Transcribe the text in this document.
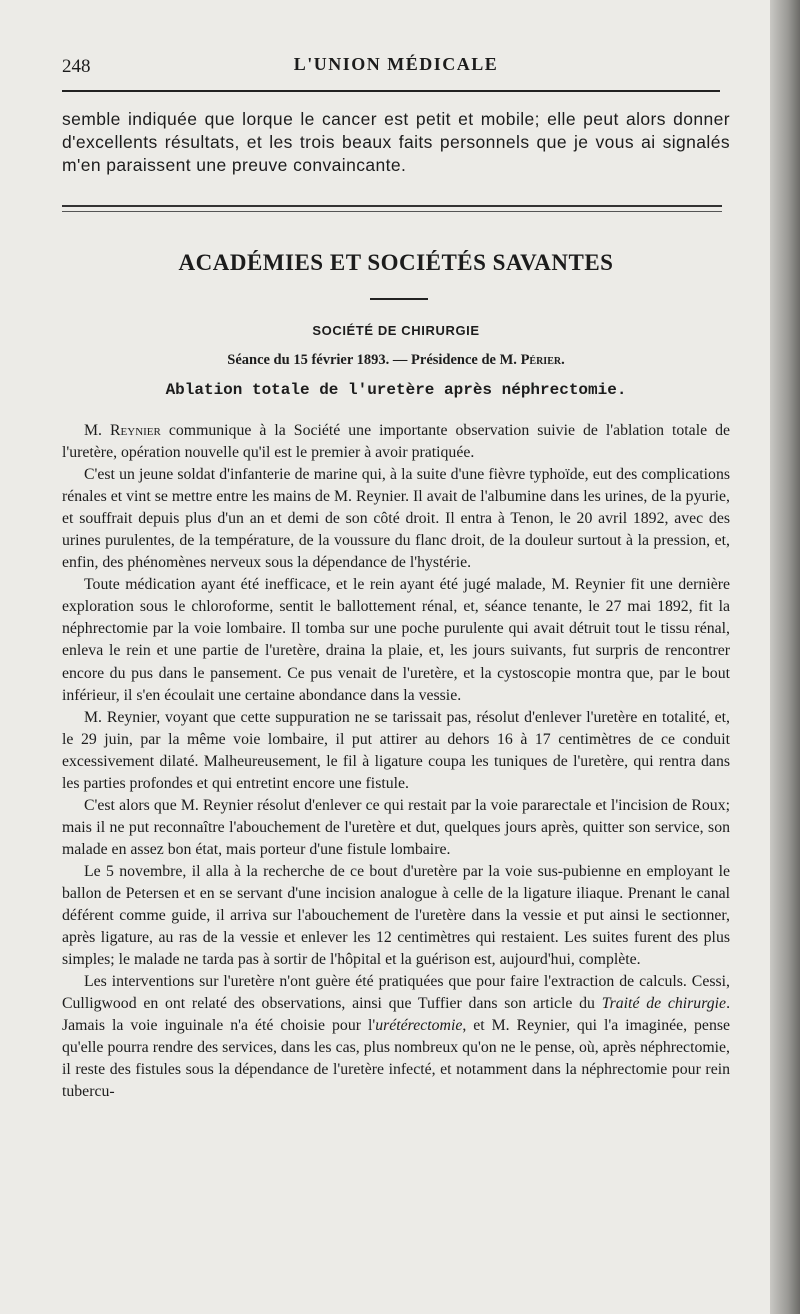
248	L'UNION MÉDICALE
semble indiquée que lorque le cancer est petit et mobile; elle peut alors donner d'excellents résultats, et les trois beaux faits personnels que je vous ai signalés m'en paraissent une preuve convaincante.
ACADÉMIES ET SOCIÉTÉS SAVANTES
SOCIÉTÉ DE CHIRURGIE
Séance du 15 février 1893. — Présidence de M. Périer.
Ablation totale de l'uretère après néphrectomie.

M. Reynier communique à la Société une importante observation suivie de l'ablation totale de l'uretère, opération nouvelle qu'il est le premier à avoir pratiquée.

C'est un jeune soldat d'infanterie de marine qui, à la suite d'une fièvre typhoïde, eut des complications rénales et vint se mettre entre les mains de M. Reynier. Il avait de l'albumine dans les urines, de la pyurie, et souffrait depuis plus d'un an et demi de son côté droit. Il entra à Tenon, le 20 avril 1892, avec des urines purulentes, de la température, de la voussure du flanc droit, de la douleur surtout à la pression, et, enfin, des phénomènes nerveux sous la dépendance de l'hystérie.

Toute médication ayant été inefficace, et le rein ayant été jugé malade, M. Reynier fit une dernière exploration sous le chloroforme, sentit le ballottement rénal, et, séance tenante, le 27 mai 1892, fit la néphrectomie par la voie lombaire. Il tomba sur une poche purulente qui avait détruit tout le tissu rénal, enleva le rein et une partie de l'uretère, draina la plaie, et, les jours suivants, fut surpris de rencontrer encore du pus dans le pansement. Ce pus venait de l'uretère, et la cystoscopie montra que, par le bout inférieur, il s'en écoulait une certaine abondance dans la vessie.

M. Reynier, voyant que cette suppuration ne se tarissait pas, résolut d'enlever l'uretère en totalité, et, le 29 juin, par la même voie lombaire, il put attirer au dehors 16 à 17 centimètres de ce conduit excessivement dilaté. Malheureusement, le fil à ligature coupa les tuniques de l'uretère, qui rentra dans les parties profondes et qui entretint encore une fistule.

C'est alors que M. Reynier résolut d'enlever ce qui restait par la voie pararectale et l'incision de Roux; mais il ne put reconnaître l'abouchement de l'uretère et dut, quelques jours après, quitter son service, son malade en assez bon état, mais porteur d'une fistule lombaire.

Le 5 novembre, il alla à la recherche de ce bout d'uretère par la voie sus-pubienne en employant le ballon de Petersen et en se servant d'une incision analogue à celle de la ligature iliaque. Prenant le canal déférent comme guide, il arriva sur l'abouchement de l'uretère dans la vessie et put ainsi le sectionner, après ligature, au ras de la vessie et enlever les 12 centimètres qui restaient. Les suites furent des plus simples; le malade ne tarda pas à sortir de l'hôpital et la guérison est, aujourd'hui, complète.

Les interventions sur l'uretère n'ont guère été pratiquées que pour faire l'extraction de calculs. Cessi, Culligwood en ont relaté des observations, ainsi que Tuffier dans son article du Traité de chirurgie. Jamais la voie inguinale n'a été choisie pour l'urétérectomie, et M. Reynier, qui l'a imaginée, pense qu'elle pourra rendre des services, dans les cas, plus nombreux qu'on ne le pense, où, après néphrectomie, il reste des fistules sous la dépendance de l'uretère infecté, et notamment dans la néphrectomie pour rein tubercu-
